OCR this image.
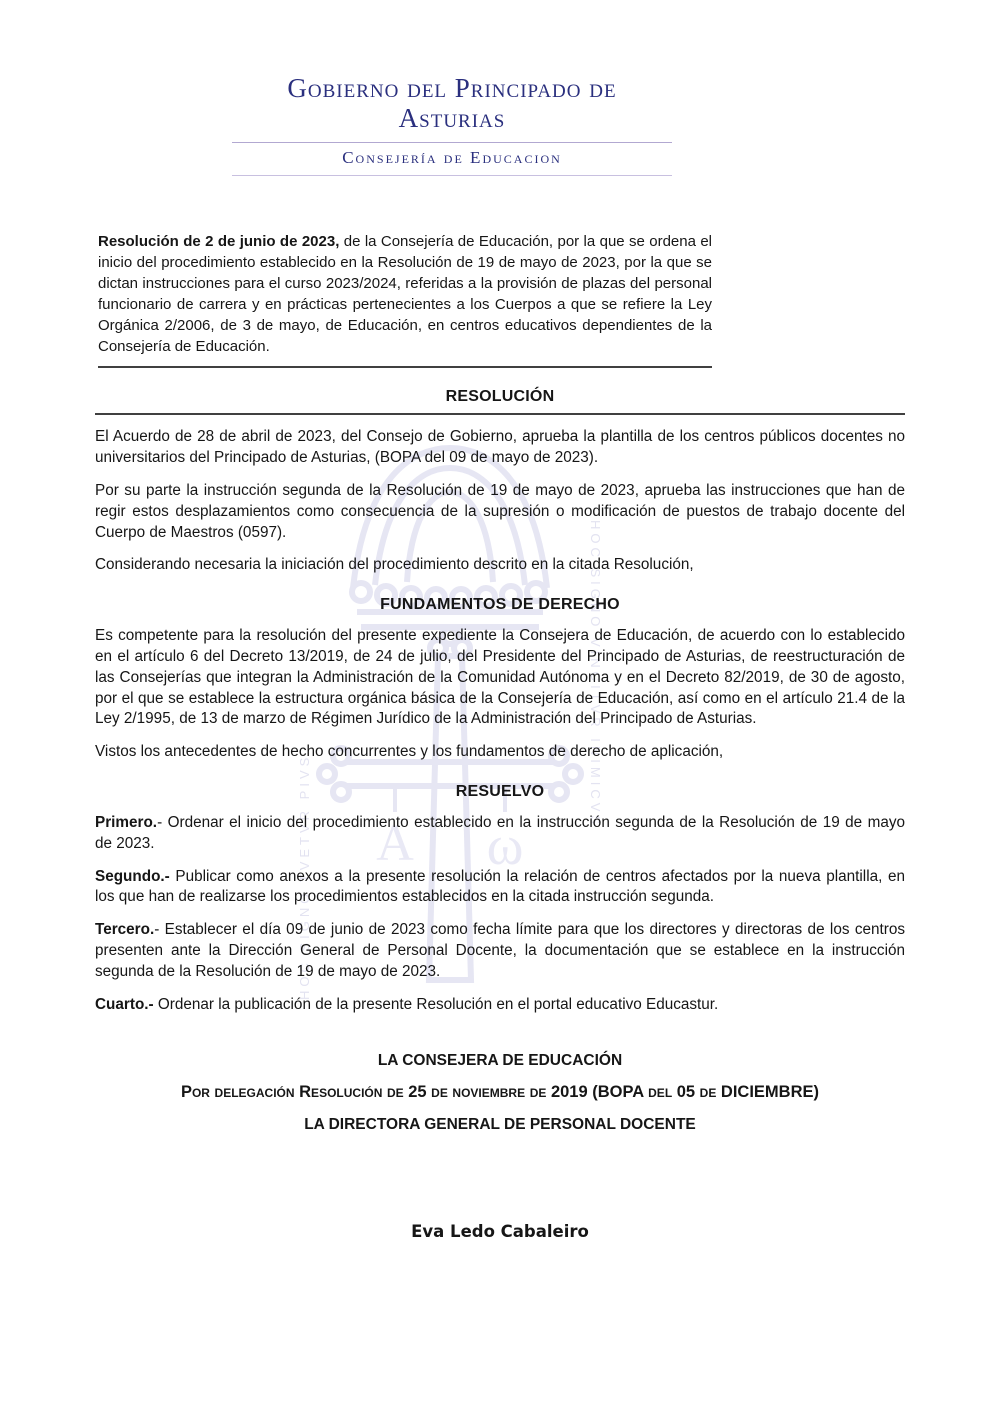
Α ω
HOC SIGNO TVETVR PIVS
HOC SIGNO VINCITVR INIMICVS
Gobierno del Principado de Asturias
Consejería de Educacion

Resolución de 2 de junio de 2023, de la Consejería de Educación, por la que se ordena el inicio del procedimiento establecido en la Resolución de 19 de mayo de 2023, por la que se dictan instrucciones para el curso 2023/2024, referidas a la provisión de plazas del personal funcionario de carrera y en prácticas pertenecientes a los Cuerpos a que se refiere la Ley Orgánica 2/2006, de 3 de mayo, de Educación, en centros educativos dependientes de la Consejería de Educación.

RESOLUCIÓN

El Acuerdo de 28 de abril de 2023, del Consejo de Gobierno, aprueba la plantilla de los centros públicos docentes no universitarios del Principado de Asturias, (BOPA del 09 de mayo de 2023).

Por su parte la instrucción segunda de la Resolución de 19 de mayo de 2023, aprueba las instrucciones que han de regir estos desplazamientos como consecuencia de la supresión o modificación de puestos de trabajo docente del Cuerpo de Maestros (0597).

Considerando necesaria la iniciación del procedimiento descrito en la citada Resolución,

FUNDAMENTOS DE DERECHO

Es competente para la resolución del presente expediente la Consejera de Educación, de acuerdo con lo establecido en el artículo 6 del Decreto 13/2019, de 24 de julio, del Presidente del Principado de Asturias, de reestructuración de las Consejerías que integran la Administración de la Comunidad Autónoma y en el Decreto 82/2019, de 30 de agosto, por el que se establece la estructura orgánica básica de la Consejería de Educación, así como en el artículo 21.4 de la Ley 2/1995, de 13 de marzo de Régimen Jurídico de la Administración del Principado de Asturias.

Vistos los antecedentes de hecho concurrentes y los fundamentos de derecho de aplicación,

RESUELVO

Primero.- Ordenar el inicio del procedimiento establecido en la instrucción segunda de la Resolución de 19 de mayo de 2023.

Segundo.- Publicar como anexos a la presente resolución la relación de centros afectados por la nueva plantilla, en los que han de realizarse los procedimientos establecidos en la citada instrucción segunda.

Tercero.- Establecer el día 09 de junio de 2023 como fecha límite para que los directores y directoras de los centros presenten ante la Dirección General de Personal Docente, la documentación que se establece en la instrucción segunda de la Resolución de 19 de mayo de 2023.

Cuarto.- Ordenar la publicación de la presente Resolución en el portal educativo Educastur.

LA CONSEJERA DE EDUCACIÓN

Por delegación Resolución de 25 de noviembre de 2019 (BOPA del 05 de DICIEMBRE)

LA DIRECTORA GENERAL DE PERSONAL DOCENTE

Eva Ledo Cabaleiro
